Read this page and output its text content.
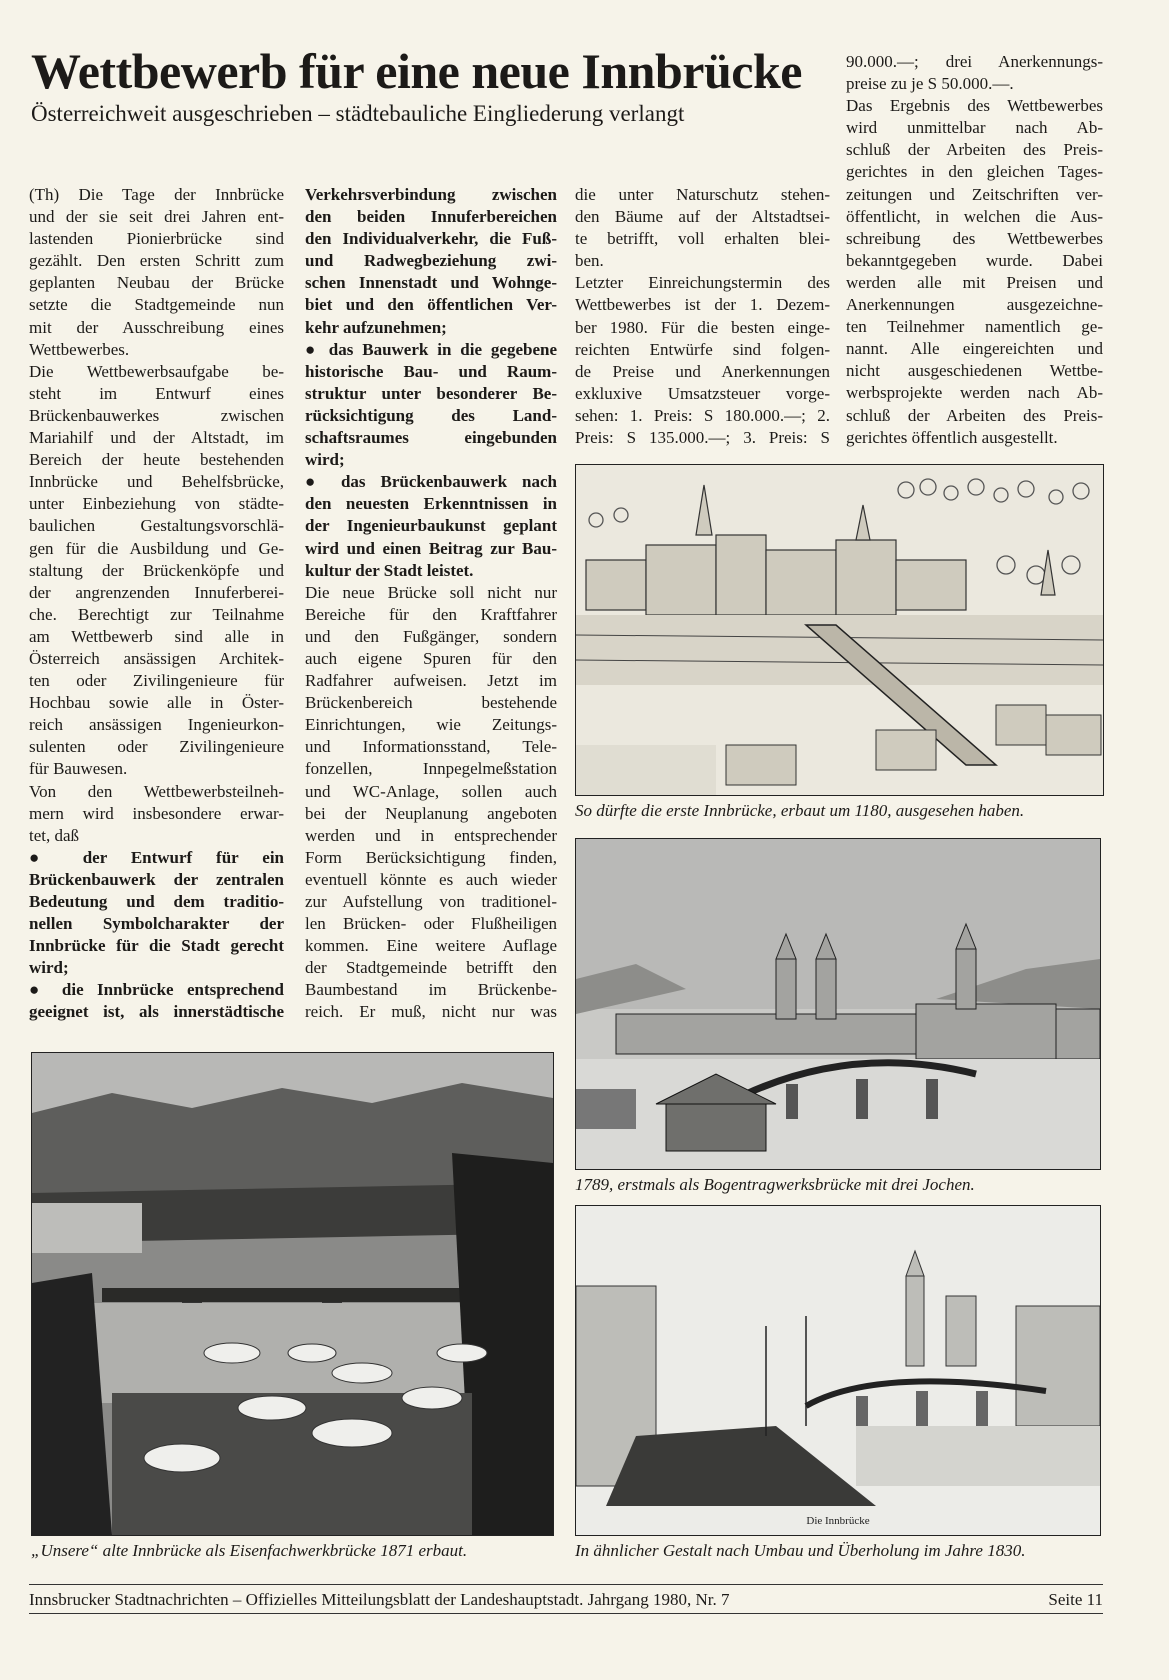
Wettbewerb für eine neue Innbrücke
Österreichweit ausgeschrieben – städtebauliche Eingliederung verlangt
(Th) Die Tage der Innbrücke
und der sie seit drei Jahren ent-
lastenden Pionierbrücke sind
gezählt. Den ersten Schritt zum
geplanten Neubau der Brücke
setzte die Stadtgemeinde nun
mit der Ausschreibung eines
Wettbewerbes.
Die Wettbewerbsaufgabe be-
steht im Entwurf eines
Brückenbauwerkes zwischen
Mariahilf und der Altstadt, im
Bereich der heute bestehenden
Innbrücke und Behelfsbrücke,
unter Einbeziehung von städte-
baulichen Gestaltungsvorschlä-
gen für die Ausbildung und Ge-
staltung der Brückenköpfe und
der angrenzenden Innuferberei-
che. Berechtigt zur Teilnahme
am Wettbewerb sind alle in
Österreich ansässigen Architek-
ten oder Zivilingenieure für
Hochbau sowie alle in Öster-
reich ansässigen Ingenieurkon-
sulenten oder Zivilingenieure
für Bauwesen.
Von den Wettbewerbsteilneh-
mern wird insbesondere erwar-
tet, daß
● der Entwurf für ein
Brückenbauwerk der zentralen
Bedeutung und dem traditio-
nellen Symbolcharakter der
Innbrücke für die Stadt gerecht
wird;
● die Innbrücke entsprechend
geeignet ist, als innerstädtische
Verkehrsverbindung zwischen
den beiden Innuferbereichen
den Individualverkehr, die Fuß-
und Radwegbeziehung zwi-
schen Innenstadt und Wohnge-
biet und den öffentlichen Ver-
kehr aufzunehmen;
● das Bauwerk in die gegebene
historische Bau- und Raum-
struktur unter besonderer Be-
rücksichtigung des Land-
schaftsraumes eingebunden
wird;
● das Brückenbauwerk nach
den neuesten Erkenntnissen in
der Ingenieurbaukunst geplant
wird und einen Beitrag zur Bau-
kultur der Stadt leistet.
Die neue Brücke soll nicht nur
Bereiche für den Kraftfahrer
und den Fußgänger, sondern
auch eigene Spuren für den
Radfahrer aufweisen. Jetzt im
Brückenbereich bestehende
Einrichtungen, wie Zeitungs-
und Informationsstand, Tele-
fonzellen, Innpegelmeßstation
und WC-Anlage, sollen auch
bei der Neuplanung angeboten
werden und in entsprechender
Form Berücksichtigung finden,
eventuell könnte es auch wieder
zur Aufstellung von traditionel-
len Brücken- oder Flußheiligen
kommen. Eine weitere Auflage
der Stadtgemeinde betrifft den
Baumbestand im Brückenbe-
reich. Er muß, nicht nur was
die unter Naturschutz stehen-
den Bäume auf der Altstadtsei-
te betrifft, voll erhalten blei-
ben.
Letzter Einreichungstermin des
Wettbewerbes ist der 1. Dezem-
ber 1980. Für die besten einge-
reichten Entwürfe sind folgen-
de Preise und Anerkennungen
exkluxive Umsatzsteuer vorge-
sehen: 1. Preis: S 180.000.—; 2.
Preis: S 135.000.—; 3. Preis: S
90.000.—; drei Anerkennungs-
preise zu je S 50.000.—.
Das Ergebnis des Wettbewerbes
wird unmittelbar nach Ab-
schluß der Arbeiten des Preis-
gerichtes in den gleichen Tages-
zeitungen und Zeitschriften ver-
öffentlicht, in welchen die Aus-
schreibung des Wettbewerbes
bekanntgegeben wurde. Dabei
werden alle mit Preisen und
Anerkennungen ausgezeichne-
ten Teilnehmer namentlich ge-
nannt. Alle eingereichten und
nicht ausgeschiedenen Wettbe-
werbsprojekte werden nach Ab-
schluß der Arbeiten des Preis-
gerichtes öffentlich ausgestellt.
So dürfte die erste Innbrücke, erbaut um 1180, ausgesehen haben.
1789, erstmals als Bogentragwerksbrücke mit drei Jochen.
Die Innbrücke
In ähnlicher Gestalt nach Umbau und Überholung im Jahre 1830.
„Unsere“ alte Innbrücke als Eisenfachwerkbrücke 1871 erbaut.
Innsbrucker Stadtnachrichten – Offizielles Mitteilungsblatt der Landeshauptstadt. Jahrgang 1980, Nr. 7	Seite 11
